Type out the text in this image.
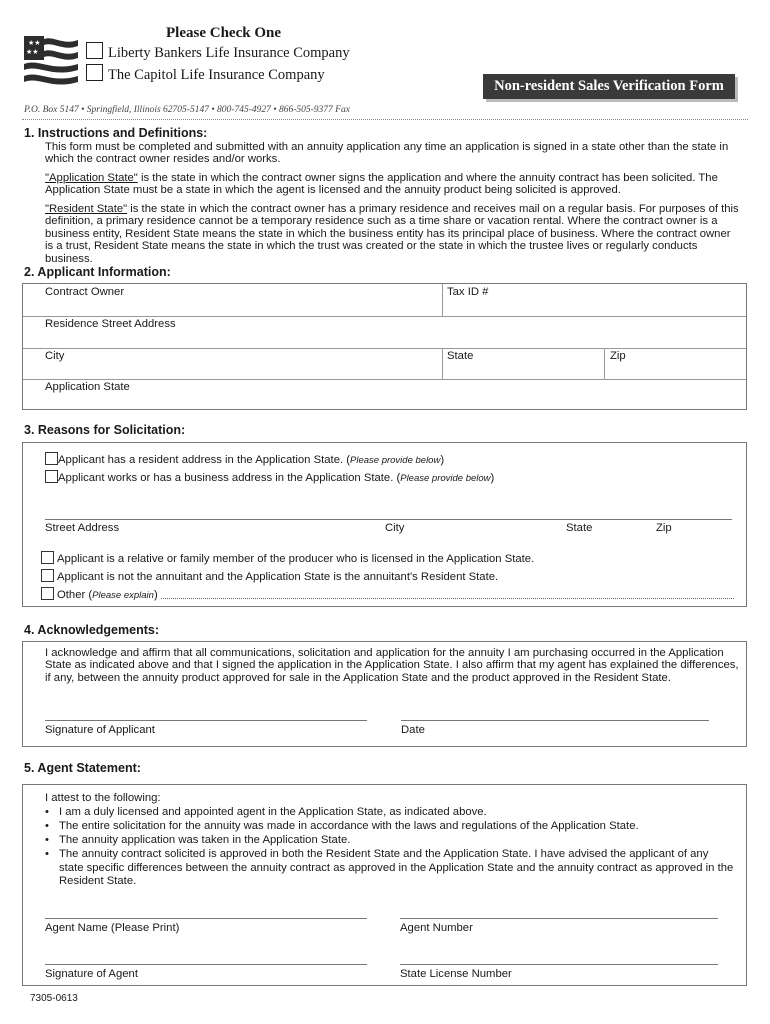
★★
★★
Please Check One
Liberty Bankers Life Insurance Company
The Capitol Life Insurance Company
Non-resident Sales Verification Form
P.O. Box 5147 • Springfield, Illinois 62705-5147 • 800-745-4927 • 866-505-9377 Fax
1. Instructions and Definitions:
This form must be completed and submitted with an annuity application any time an application is signed in a state other than the state in which the contract owner resides and/or works.
"Application State" is the state in which the contract owner signs the application and where the annuity contract has been solicited. The Application State must be a state in which the agent is licensed and the annuity product being solicited is approved.
"Resident State" is the state in which the contract owner has a primary residence and receives mail on a regular basis. For purposes of this definition, a primary residence cannot be a temporary residence such as a time share or vacation rental. Where the contract owner is a business entity, Resident State means the state in which the business entity has its principal place of business. Where the contract owner is a trust, Resident State means the state in which the trust was created or the state in which the trustee lives or regularly conducts business.
2. Applicant Information:
Contract Owner	Tax ID #
Residence Street Address
City	State	Zip
Application State
3. Reasons for Solicitation:
Applicant has a resident address in the Application State. (Please provide below)
Applicant works or has a business address in the Application State. (Please provide below)
Street Address	City	State	Zip
Applicant is a relative or family member of the producer who is licensed in the Application State.
Applicant is not the annuitant and the Application State is the annuitant's Resident State.
Other (Please explain)
4. Acknowledgements:
I acknowledge and affirm that all communications, solicitation and application for the annuity I am purchasing occurred in the Application State as indicated above and that I signed the application in the Application State. I also affirm that my agent has explained the differences, if any, between the annuity product approved for sale in the Application State and the product approved in the Resident State.
Signature of Applicant	Date
5. Agent Statement:
I attest to the following:
• I am a duly licensed and appointed agent in the Application State, as indicated above.
• The entire solicitation for the annuity was made in accordance with the laws and regulations of the Application State.
• The annuity application was taken in the Application State.
• The annuity contract solicited is approved in both the Resident State and the Application State. I have advised the applicant of any state specific differences between the annuity contract as approved in the Application State and the annuity contract as approved in the Resident State.
Agent Name (Please Print)	Agent Number
Signature of Agent	State License Number
7305-0613
